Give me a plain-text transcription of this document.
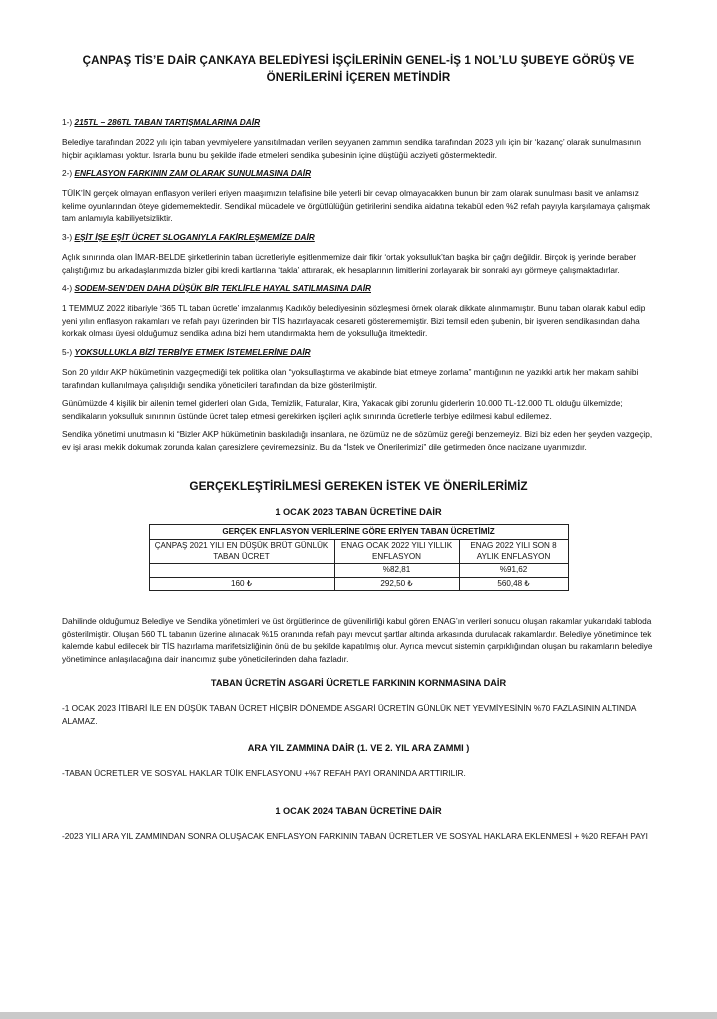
ÇANPAŞ TİS’E DAİR ÇANKAYA BELEDİYESİ İŞÇİLERİNİN GENEL-İŞ 1 NOL’LU ŞUBEYE GÖRÜŞ VE ÖNERİLERİNİ İÇEREN METİNDİR
1-) 215TL – 286TL TABAN TARTIŞMALARINA DAİR

Belediye tarafından 2022 yılı için taban yevmiyelere yansıtılmadan verilen seyyanen zammın sendika tarafından 2023 yılı için bir ‘kazanç’ olarak sunulmasının hiçbir açıklaması yoktur. Israrla bunu bu şekilde ifade etmeleri sendika şubesinin içine düştüğü acziyeti göstermektedir.

2-) ENFLASYON FARKININ ZAM OLARAK SUNULMASINA DAİR

TÜİK’İN gerçek olmayan enflasyon verileri eriyen maaşımızın telafisine bile yeterli bir cevap olmayacakken bunun bir zam olarak sunulması basit ve anlamsız kelime oyunlarından öteye gidememektedir. Sendikal mücadele ve örgütlülüğün getirilerini sendika aidatına tekabül eden %2 refah payıyla karşılamaya çalışmak tam anlamıyla kabiliyetsizliktir.

3-) EŞİT İŞE EŞİT ÜCRET SLOGANIYLA FAKİRLEŞMEMİZE DAİR

Açlık sınırında olan İMAR-BELDE şirketlerinin taban ücretleriyle eşitlenmemize dair fikir ‘ortak yoksulluk’tan başka bir çağrı değildir. Birçok iş yerinde beraber çalıştığımız bu arkadaşlarımızda bizler gibi kredi kartlarına ‘takla’ attırarak, ek hesaplarının limitlerini zorlayarak bir sonraki ayı görmeye çalışmaktadırlar.

4-) SODEM-SEN’DEN DAHA DÜŞÜK BİR TEKLİFLE HAYAL SATILMASINA DAİR

1 TEMMUZ 2022 itibariyle ‘365 TL taban ücretle’ imzalanmış Kadıköy belediyesinin sözleşmesi örnek olarak dikkate alınmamıştır. Bunu taban olarak kabul edip yeni yılın enflasyon rakamları ve refah payı üzerinden bir TİS hazırlayacak cesareti gösterememiştir. Bizi temsil eden şubenin, bir işveren sendikasından daha korkak olması üyesi olduğumuz sendika adına bizi hem utandırmakta hem de yoksulluğa itmektedir.

5-) YOKSULLUKLA BİZİ TERBİYE ETMEK İSTEMELERİNE DAİR

Son 20 yıldır AKP hükümetinin vazgeçmediği tek politika olan “yoksullaştırma ve akabinde biat etmeye zorlama” mantığının ne yazıkki artık her makam sahibi tarafından kullanılmaya çalışıldığı sendika yöneticileri tarafından da bize gösterilmiştir.

Günümüzde 4 kişilik bir ailenin temel giderleri olan Gıda, Temizlik, Faturalar, Kira, Yakacak gibi zorunlu giderlerin 10.000 TL-12.000 TL olduğu ülkemizde; sendikaların yoksulluk sınırının üstünde ücret talep etmesi gerekirken işçileri açlık sınırında ücretlerle terbiye edilmesi kabul edilemez.

Sendika yönetimi unutmasın ki “Bizler AKP hükümetinin baskıladığı insanlara, ne özümüz ne de sözümüz gereği benzemeyiz. Bizi biz eden her şeyden vazgeçip, ev işi arası mekik dokumak zorunda kalan çaresizlere çeviremezsiniz. Bu da “İstek ve Önerilerimizi” dile getirmeden önce nacizane uyarımızdır.

GERÇEKLEŞTİRİLMESİ GEREKEN İSTEK VE ÖNERİLERİMİZ
1 OCAK 2023 TABAN ÜCRETİNE DAİR
GERÇEK ENFLASYON VERİLERİNE GÖRE ERİYEN TABAN ÜCRETİMİZ		
ÇANPAŞ 2021 YILI EN DÜŞÜK BRÜT GÜNLÜK TABAN ÜCRET	ENAG OCAK 2022 YILI YILLIK ENFLASYON	ENAG 2022 YILI SON 8 AYLIK ENFLASYON
	%82,81	%91,62
160 ₺	292,50 ₺	560,48 ₺

Dahilinde olduğumuz Belediye ve Sendika yönetimleri ve üst örgütlerince de güvenilirliği kabul gören ENAG’ın verileri sonucu oluşan rakamlar yukarıdaki tabloda gösterilmiştir. Oluşan 560 TL tabanın üzerine alınacak %15 oranında refah payı mevcut şartlar altında arkasında durulacak rakamlardır. Belediye yönetimince tek kalemde kabul edilecek bir TİS hazırlama marifetsizliğinin önü de bu şekilde kapatılmış olur. Ayrıca mevcut sistemin çarpıklığından oluşan bu rakamların belediye yönetimince anlaşılacağına dair inancımız şube yöneticilerinden daha fazladır.

TABAN ÜCRETİN ASGARİ ÜCRETLE FARKININ KORNMASINA DAİR

-1 OCAK 2023 İTİBARİ İLE EN DÜŞÜK TABAN ÜCRET HİÇBİR DÖNEMDE ASGARİ ÜCRETİN GÜNLÜK NET YEVMİYESİNİN %70 FAZLASININ ALTINDA ALAMAZ.

ARA YIL ZAMMINA DAİR (1. VE 2. YIL ARA ZAMMI )

-TABAN ÜCRETLER VE SOSYAL HAKLAR TÜİK ENFLASYONU +%7 REFAH PAYI ORANINDA ARTTIRILIR.

1 OCAK 2024 TABAN ÜCRETİNE DAİR

-2023 YILI ARA YIL ZAMMINDAN SONRA OLUŞACAK ENFLASYON FARKININ TABAN ÜCRETLER VE SOSYAL HAKLARA EKLENMESİ + %20 REFAH PAYI
